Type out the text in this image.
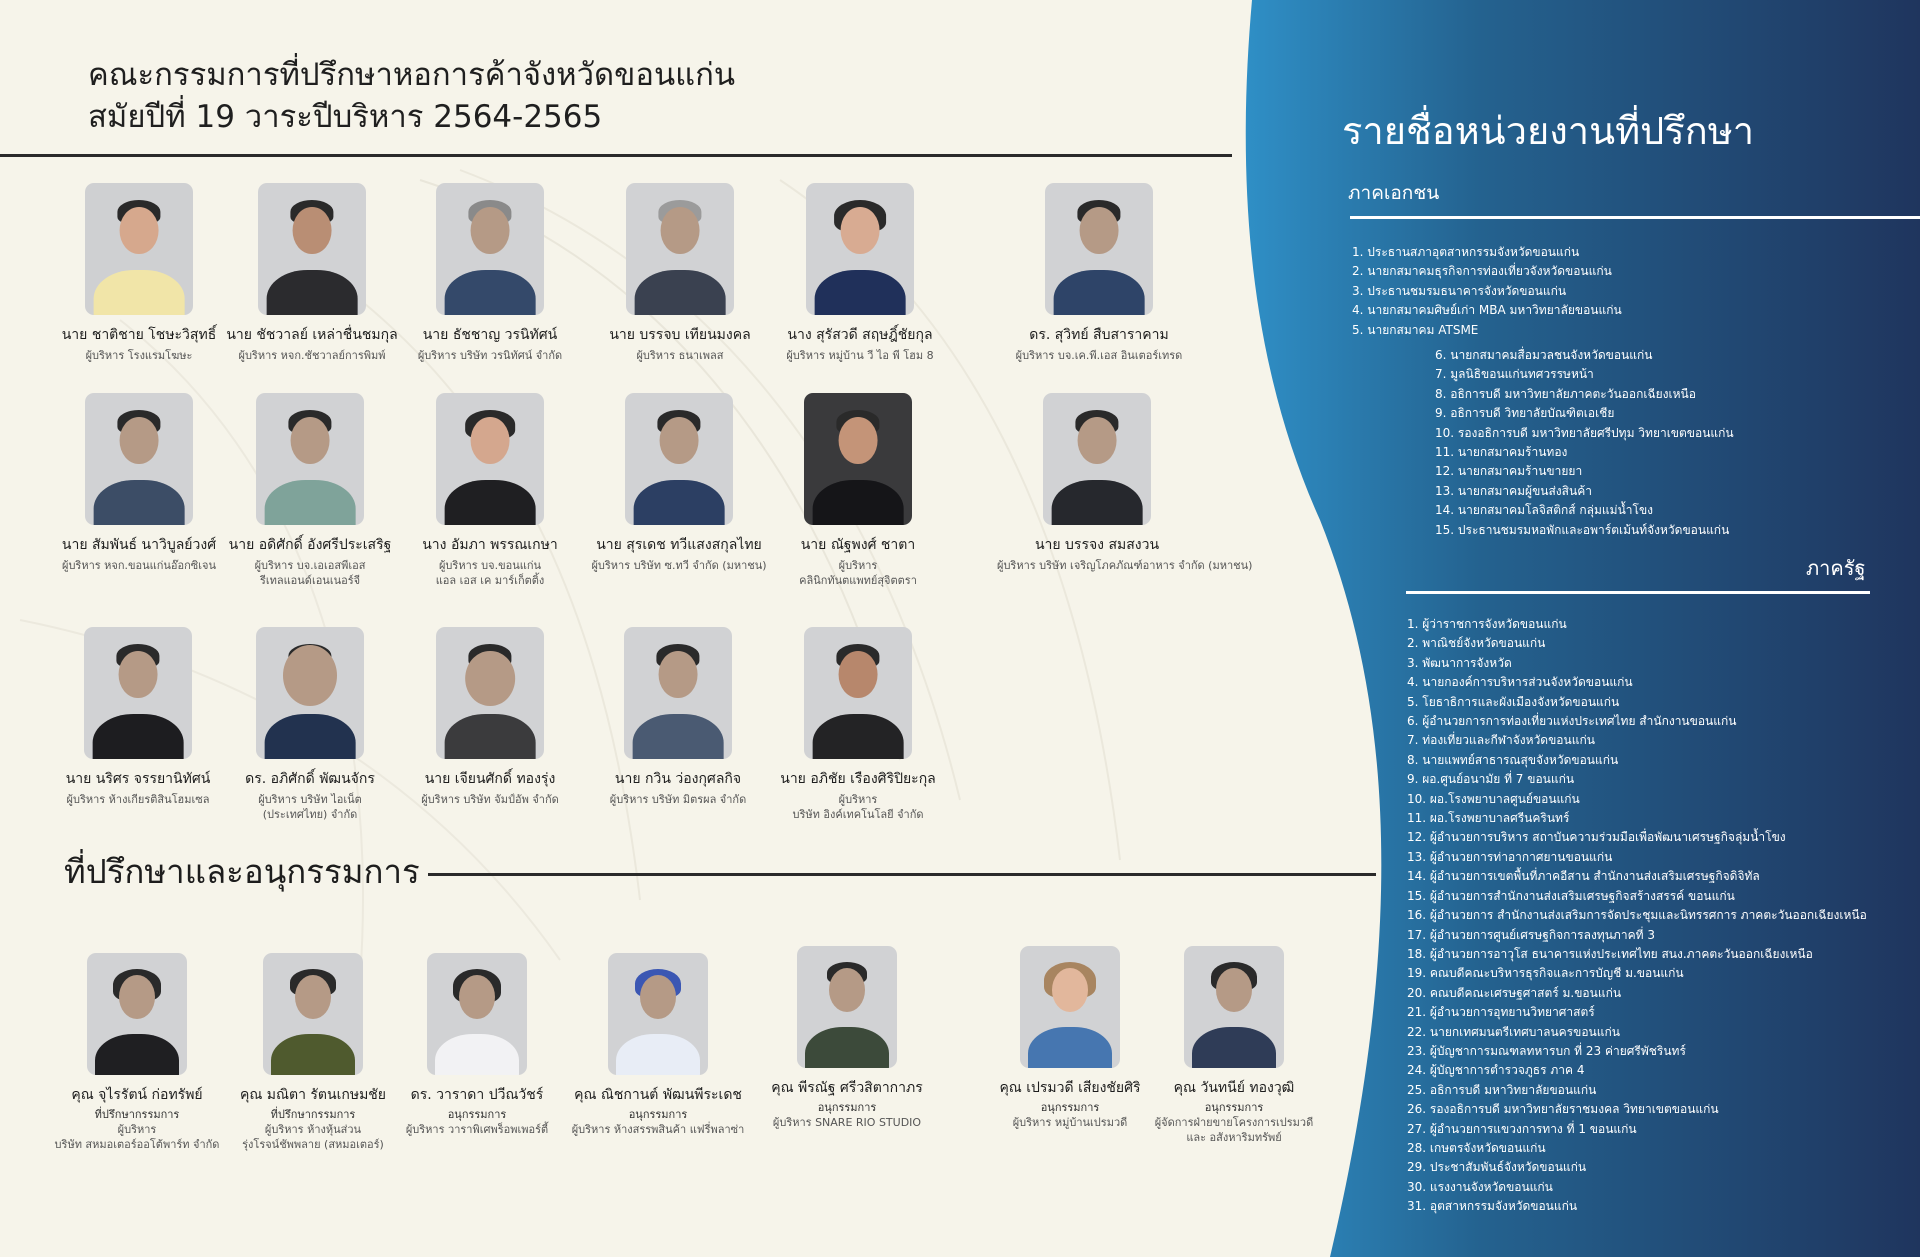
คณะกรรมการที่ปรึกษาหอการค้าจังหวัดขอนแก่น
สมัยปีที่ 19 วาระปีบริหาร 2564-2565
นาย ชาติชาย โชษะวิสุทธิ์
ผู้บริหาร โรงแรมโฆษะ
นาย ชัชวาลย์ เหล่าชื่นชมกุล
ผู้บริหาร หจก.ชัชวาลย์การพิมพ์
นาย ธัชชาญ วรนิทัศน์
ผู้บริหาร บริษัท วรนิทัศน์ จำกัด
นาย บรรจบ เทียนมงคล
ผู้บริหาร ธนาเพลส
นาง สุรัสวดี สฤษฎิ์ชัยกุล
ผู้บริหาร หมู่บ้าน วี ไอ พี โฮม 8
ดร. สุวิทย์ สืบสาราคาม
ผู้บริหาร บจ.เค.พี.เอส อินเตอร์เทรด
นาย สัมพันธ์ นาวิบูลย์วงศ์
ผู้บริหาร หจก.ขอนแก่นอ๊อกซิเจน
นาย อดิศักดิ์ อังศรีประเสริฐ
ผู้บริหาร บจ.เอเอสพีเอส
รีเทลแอนด์เอนเนอร์จี
นาง อัมภา พรรณเกษา
ผู้บริหาร บจ.ขอนแก่น
แอล เอส เค มาร์เก็ตติ้ง
นาย สุรเดช ทวีแสงสกุลไทย
ผู้บริหาร บริษัท ซ.ทวี จำกัด (มหาชน)
นาย ณัฐพงศ์ ชาตา
ผู้บริหาร
คลินิกทันตแพทย์สุจิตตรา
นาย บรรจง สมสงวน
ผู้บริหาร บริษัท เจริญโภคภัณฑ์อาหาร จำกัด (มหาชน)
นาย นริศร จรรยานิทัศน์
ผู้บริหาร ห้างเกียรติสินโฮมเซล
ดร. อภิศักดิ์ พัฒนจักร
ผู้บริหาร บริษัท ไอเน็ต
(ประเทศไทย) จำกัด
นาย เจียนศักดิ์ ทองรุ่ง
ผู้บริหาร บริษัท จัมป์อัพ จำกัด
นาย กวิน ว่องกุศลกิจ
ผู้บริหาร บริษัท มิตรผล จำกัด
นาย อภิชัย เรืองศิริปิยะกุล
ผู้บริหาร
บริษัท อิงค์เทคโนโลยี จำกัด
ที่ปรึกษาและอนุกรรมการ
คุณ จุไรรัตน์ ก่อทรัพย์
ที่ปรึกษากรรมการ
ผู้บริหาร
บริษัท สหมอเตอร์ออโต้พาร์ท จำกัด
คุณ มณิตา รัตนเกษมชัย
ที่ปรึกษากรรมการ
ผู้บริหาร ห้างหุ้นส่วน
รุ่งโรจน์ชัพพลาย (สหมอเตอร์)
ดร. วาราดา ปวีณวัชร์
อนุกรรมการ
ผู้บริหาร วาราพิเศพร็อพเพอร์ตี้
คุณ ณิชกานต์ พัฒนพีระเดช
อนุกรรมการ
ผู้บริหาร ห้างสรรพสินค้า แฟรี่พลาซ่า
คุณ พีรณัฐ ศรีวสิตากาภร
อนุกรรมการ
ผู้บริหาร SNARE RIO STUDIO
คุณ เปรมวดี เสียงชัยศิริ
อนุกรรมการ
ผู้บริหาร หมู่บ้านเปรมวดี
คุณ วันทนีย์ ทองวุฒิ
อนุกรรมการ
ผู้จัดการฝ่ายขายโครงการเปรมวดี
และ อสังหาริมทรัพย์
รายชื่อหน่วยงานที่ปรึกษา
ภาคเอกชน
1. ประธานสภาอุตสาหกรรมจังหวัดขอนแก่น
2. นายกสมาคมธุรกิจการท่องเที่ยวจังหวัดขอนแก่น
3. ประธานชมรมธนาคารจังหวัดขอนแก่น
4. นายกสมาคมศิษย์เก่า MBA มหาวิทยาลัยขอนแก่น
5. นายกสมาคม ATSME
6. นายกสมาคมสื่อมวลชนจังหวัดขอนแก่น
7. มูลนิธิขอนแก่นทศวรรษหน้า
8. อธิการบดี มหาวิทยาลัยภาคตะวันออกเฉียงเหนือ
9. อธิการบดี วิทยาลัยบัณฑิตเอเชีย
10. รองอธิการบดี มหาวิทยาลัยศรีปทุม วิทยาเขตขอนแก่น
11. นายกสมาคมร้านทอง
12. นายกสมาคมร้านขายยา
13. นายกสมาคมผู้ขนส่งสินค้า
14. นายกสมาคมโลจิสติกส์ กลุ่มแม่น้ำโขง
15. ประธานชมรมหอพักและอพาร์ตเม้นท์จังหวัดขอนแก่น
ภาครัฐ
1. ผู้ว่าราชการจังหวัดขอนแก่น
2. พาณิชย์จังหวัดขอนแก่น
3. พัฒนาการจังหวัด
4. นายกองค์การบริหารส่วนจังหวัดขอนแก่น
5. โยธาธิการและผังเมืองจังหวัดขอนแก่น
6. ผู้อำนวยการการท่องเที่ยวแห่งประเทศไทย สำนักงานขอนแก่น
7. ท่องเที่ยวและกีฬาจังหวัดขอนแก่น
8. นายแพทย์สาธารณสุขจังหวัดขอนแก่น
9. ผอ.ศูนย์อนามัย ที่ 7 ขอนแก่น
10. ผอ.โรงพยาบาลศูนย์ขอนแก่น
11. ผอ.โรงพยาบาลศรีนครินทร์
12. ผู้อำนวยการบริหาร สถาบันความร่วมมือเพื่อพัฒนาเศรษฐกิจลุ่มน้ำโขง
13. ผู้อำนวยการท่าอากาศยานขอนแก่น
14. ผู้อำนวยการเขตพื้นที่ภาคอีสาน สำนักงานส่งเสริมเศรษฐกิจดิจิทัล
15. ผู้อำนวยการสำนักงานส่งเสริมเศรษฐกิจสร้างสรรค์ ขอนแก่น
16. ผู้อำนวยการ สำนักงานส่งเสริมการจัดประชุมและนิทรรศการ ภาคตะวันออกเฉียงเหนือ
17. ผู้อำนวยการศูนย์เศรษฐกิจการลงทุนภาคที่ 3
18. ผู้อำนวยการอาวุโส ธนาคารแห่งประเทศไทย สนง.ภาคตะวันออกเฉียงเหนือ
19. คณบดีคณะบริหารธุรกิจและการบัญชี ม.ขอนแก่น
20. คณบดีคณะเศรษฐศาสตร์ ม.ขอนแก่น
21. ผู้อำนวยการอุทยานวิทยาศาสตร์
22. นายกเทศมนตรีเทศบาลนครขอนแก่น
23. ผู้บัญชาการมณฑลทหารบก ที่ 23 ค่ายศรีพัชรินทร์
24. ผู้บัญชาการตำรวจภูธร ภาค 4
25. อธิการบดี มหาวิทยาลัยขอนแก่น
26. รองอธิการบดี มหาวิทยาลัยราชมงคล วิทยาเขตขอนแก่น
27. ผู้อำนวยการแขวงการทาง ที่ 1 ขอนแก่น
28. เกษตรจังหวัดขอนแก่น
29. ประชาสัมพันธ์จังหวัดขอนแก่น
30. แรงงานจังหวัดขอนแก่น
31. อุตสาหกรรมจังหวัดขอนแก่น
